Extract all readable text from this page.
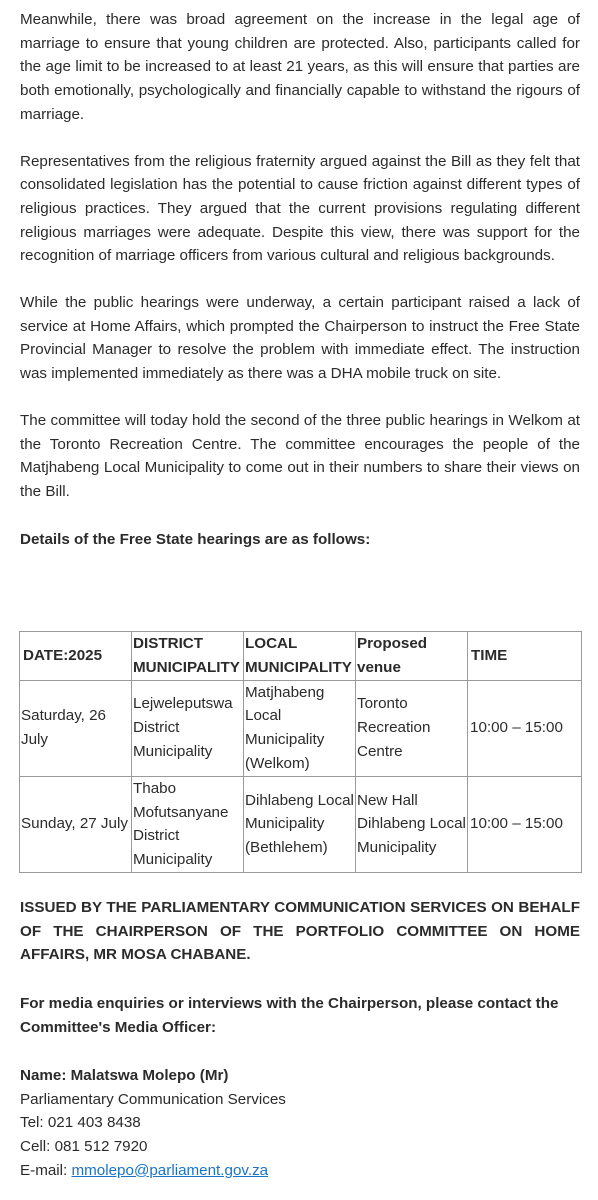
Meanwhile, there was broad agreement on the increase in the legal age of marriage to ensure that young children are protected. Also, participants called for the age limit to be increased to at least 21 years, as this will ensure that parties are both emotionally, psychologically and financially capable to withstand the rigours of marriage.

Representatives from the religious fraternity argued against the Bill as they felt that consolidated legislation has the potential to cause friction against different types of religious practices. They argued that the current provisions regulating different religious marriages were adequate. Despite this view, there was support for the recognition of marriage officers from various cultural and religious backgrounds.

While the public hearings were underway, a certain participant raised a lack of service at Home Affairs, which prompted the Chairperson to instruct the Free State Provincial Manager to resolve the problem with immediate effect. The instruction was implemented immediately as there was a DHA mobile truck on site.

The committee will today hold the second of the three public hearings in Welkom at the Toronto Recreation Centre. The committee encourages the people of the Matjhabeng Local Municipality to come out in their numbers to share their views on the Bill.

Details of the Free State hearings are as follows:
DATE:2025	DISTRICT MUNICIPALITY	LOCAL MUNICIPALITY	Proposed venue	TIME
Saturday, 26 July	Lejweleputswa District Municipality	Matjhabeng Local Municipality (Welkom)	Toronto Recreation Centre	10:00 – 15:00
Sunday, 27 July	Thabo Mofutsanyane District Municipality	Dihlabeng Local Municipality (Bethlehem)	New Hall Dihlabeng Local Municipality	10:00 – 15:00
ISSUED BY THE PARLIAMENTARY COMMUNICATION SERVICES ON BEHALF OF THE CHAIRPERSON OF THE PORTFOLIO COMMITTEE ON HOME AFFAIRS, MR MOSA CHABANE.
For media enquiries or interviews with the Chairperson, please contact the Committee's Media Officer:
Name: Malatswa Molepo (Mr)
Parliamentary Communication Services
Tel: 021 403 8438
Cell: 081 512 7920
E-mail: mmolepo@parliament.gov.za
